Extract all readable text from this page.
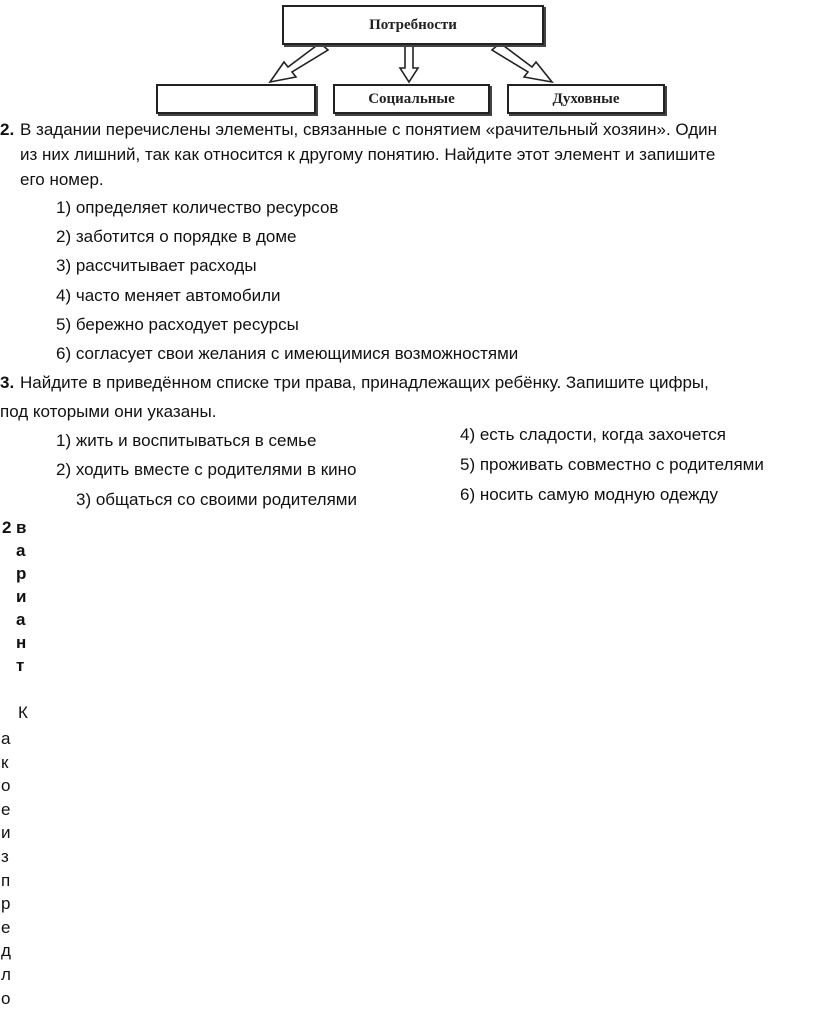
Потребности
Социальные	Духовные
2. В задании перечислены элементы, связанные с понятием «рачительный хозяин». Один
из них лишний, так как относится к другому понятию. Найдите этот элемент и запишите
его номер.
1) определяет количество ресурсов
2) заботится о порядке в доме
3) рассчитывает расходы
4) часто меняет автомобили
5) бережно расходует ресурсы
6) согласует свои желания с имеющимися возможностями
3. Найдите в приведённом списке три права, принадлежащих ребёнку. Запишите цифры,
под которыми они указаны.
1) жить и воспитываться в семье
2) ходить вместе с родителями в кино
3) общаться со своими родителями
4) есть сладости, когда захочется
5) проживать совместно с родителями
6) носить самую модную одежду
2 в
а
р
и
а
н
т
К
а
к
о
е
и
з
п
р
е
д
л
о
